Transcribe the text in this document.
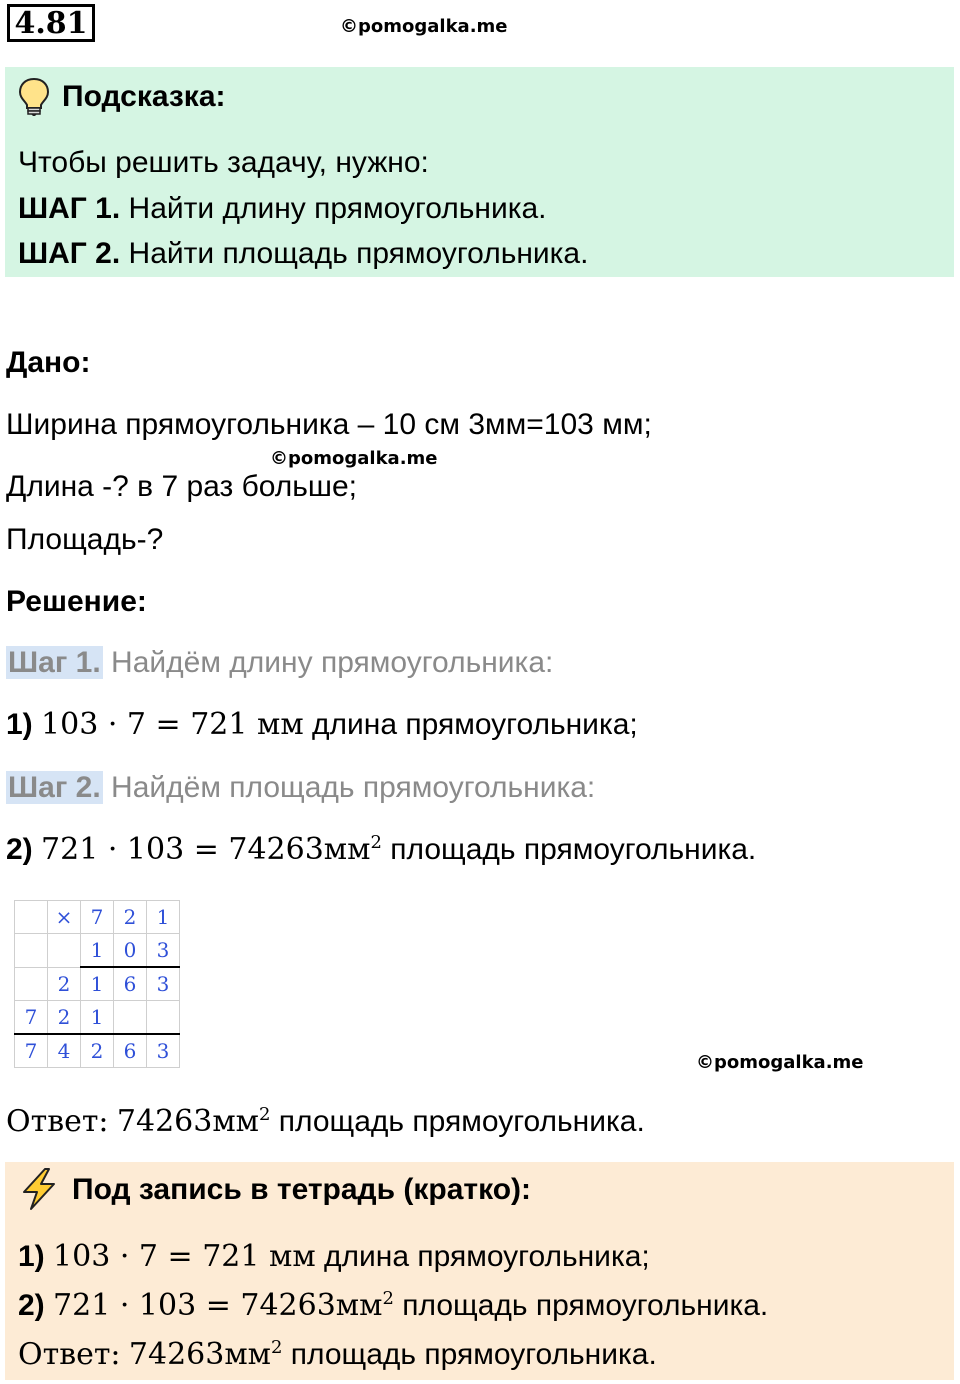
4.81	©pomogalka.me
Подсказка:
Чтобы решить задачу, нужно:
ШАГ 1. Найти длину прямоугольника.
ШАГ 2. Найти площадь прямоугольника.
Дано:
Ширина прямоугольника – 10 см 3мм=103 мм;
©pomogalka.me
Длина -? в 7 раз больше;
Площадь-?
Решение:
Шаг 1. Найдём длину прямоугольника:
1) 103 · 7 = 721 мм длина прямоугольника;
Шаг 2. Найдём площадь прямоугольника:
2) $721 \cdot 103 = 74263мм^2$ площадь прямоугольника.
	×	7	2	1
		1	0	3
	2	1	6	3
7	2	1		
7	4	2	6	3	©pomogalka.me
Ответ: $74263мм^2$ площадь прямоугольника.
Под запись в тетрадь (кратко):
1) 103 · 7 = 721 мм длина прямоугольника;
2) $721 \cdot 103 = 74263мм^2$ площадь прямоугольника.
Ответ: $74263мм^2$ площадь прямоугольника.
